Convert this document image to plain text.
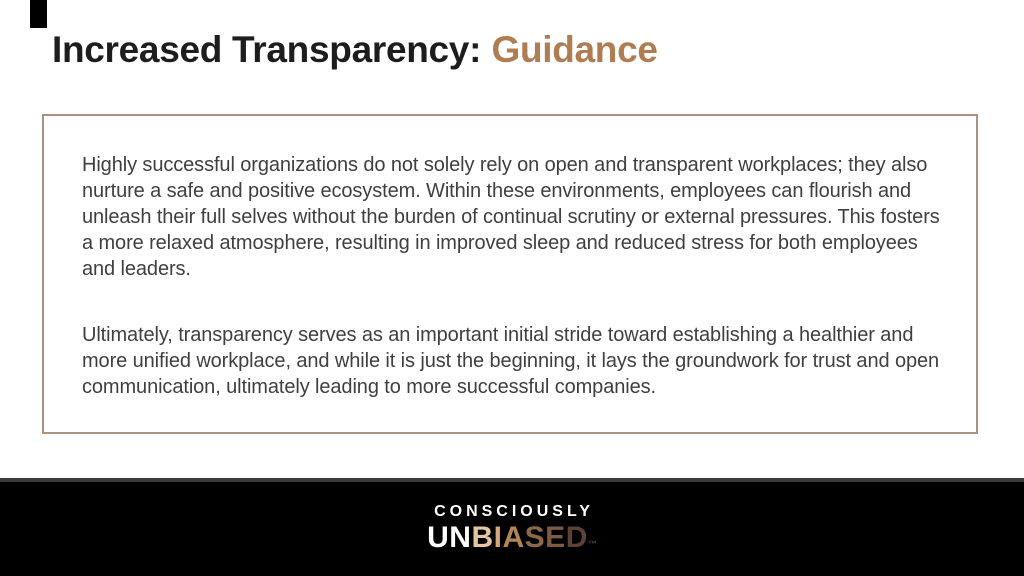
Increased Transparency: Guidance

Highly successful organizations do not solely rely on open and transparent workplaces; they also nurture a safe and positive ecosystem. Within these environments, employees can flourish and unleash their full selves without the burden of continual scrutiny or external pressures. This fosters a more relaxed atmosphere, resulting in improved sleep and reduced stress for both employees and leaders.

Ultimately, transparency serves as an important initial stride toward establishing a healthier and more unified workplace, and while it is just the beginning, it lays the groundwork for trust and open communication, ultimately leading to more successful companies.

CONSCIOUSLY
UNBIASED™
